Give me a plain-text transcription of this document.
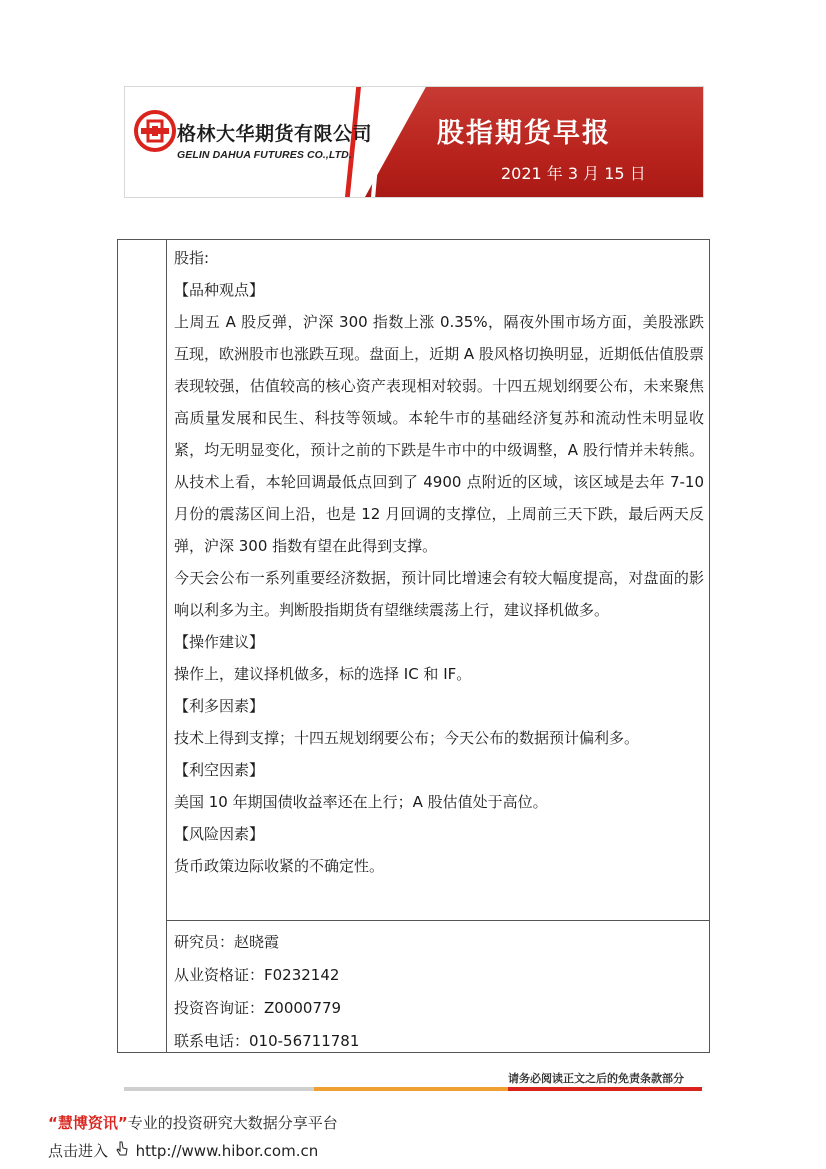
格林大华期货有限公司
GELIN DAHUA FUTURES CO.,LTD.
股指期货早报
2021 年 3 月 15 日

股指:

【品种观点】

上周五 A 股反弹，沪深 300 指数上涨 0.35%，隔夜外围市场方面，美股涨跌互现，欧洲股市也涨跌互现。盘面上，近期 A 股风格切换明显，近期低估值股票表现较强，估值较高的核心资产表现相对较弱。十四五规划纲要公布，未来聚焦高质量发展和民生、科技等领域。本轮牛市的基础经济复苏和流动性未明显收紧，均无明显变化，预计之前的下跌是牛市中的中级调整，A 股行情并未转熊。从技术上看，本轮回调最低点回到了 4900 点附近的区域，该区域是去年 7-10 月份的震荡区间上沿，也是 12 月回调的支撑位，上周前三天下跌，最后两天反弹，沪深 300 指数有望在此得到支撑。

今天会公布一系列重要经济数据，预计同比增速会有较大幅度提高，对盘面的影响以利多为主。判断股指期货有望继续震荡上行，建议择机做多。

【操作建议】

操作上，建议择机做多，标的选择 IC 和 IF。

【利多因素】

技术上得到支撑；十四五规划纲要公布；今天公布的数据预计偏利多。

【利空因素】

美国 10 年期国债收益率还在上行；A 股估值处于高位。

【风险因素】

货币政策边际收紧的不确定性。

研究员：赵晓霞

从业资格证：F0232142

投资咨询证：Z0000779

联系电话：010-56711781

请务必阅读正文之后的免责条款部分
“慧博资讯”专业的投资研究大数据分享平台
点击进入 http://www.hibor.com.cn
